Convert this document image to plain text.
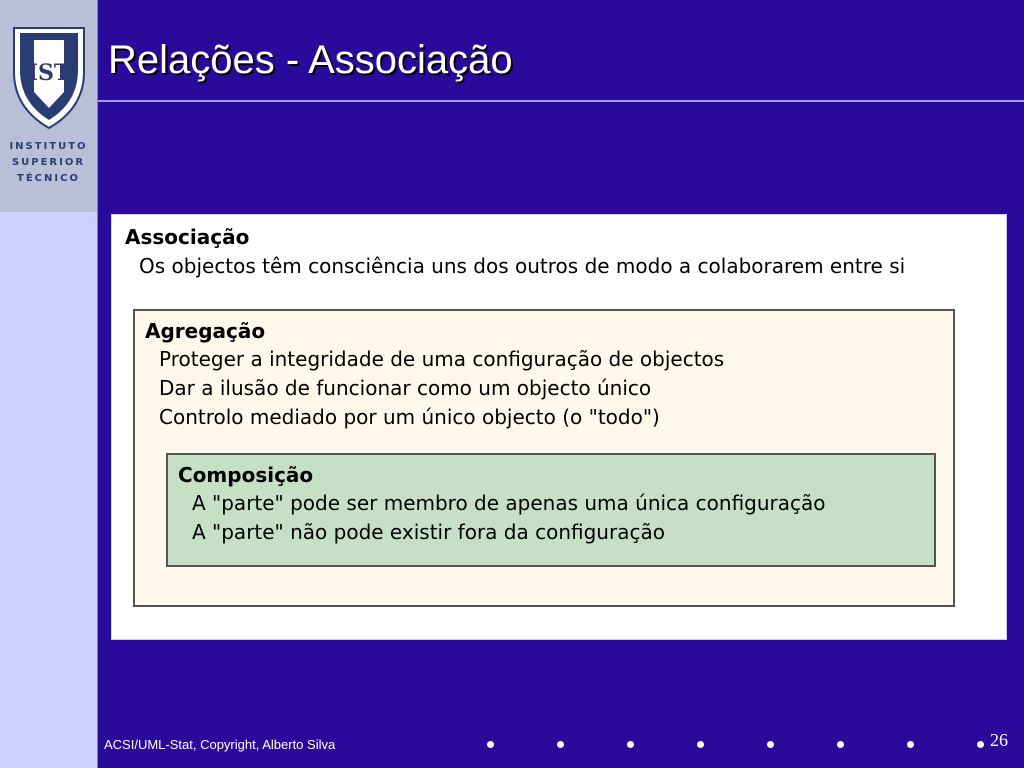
IST
INSTITUTO
SUPERIOR
TÉCNICO
Relações - Associação
Associação
Os objectos têm consciência uns dos outros de modo a colaborarem entre si
Agregação
Proteger a integridade de uma configuração de objectos
Dar a ilusão de funcionar como um objecto único
Controlo mediado por um único objecto (o "todo")
Composição
A "parte" pode ser membro de apenas uma única configuração
A "parte" não pode existir fora da configuração
ACSI/UML-Stat, Copyright, Alberto Silva	26
